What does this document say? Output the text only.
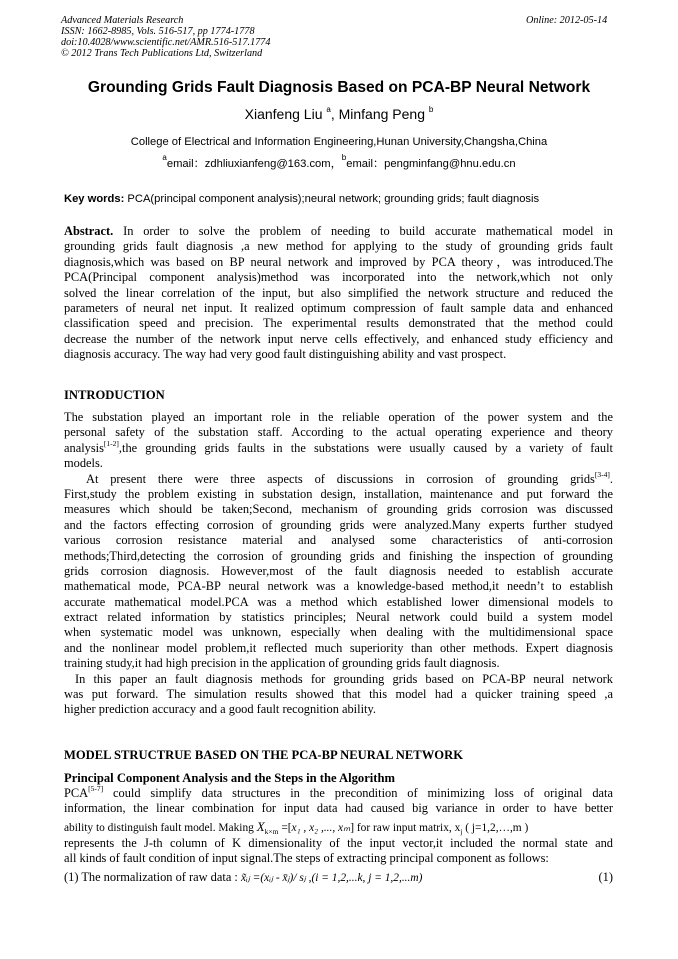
Advanced Materials Research
ISSN: 1662-8985, Vols. 516-517, pp 1774-1778
doi:10.4028/www.scientific.net/AMR.516-517.1774
© 2012 Trans Tech Publications Ltd, Switzerland
Online: 2012-05-14
Grounding Grids Fault Diagnosis Based on PCA-BP Neural Network
Xianfeng Liu $^a$, Minfang Peng $^b$
College of Electrical and Information Engineering,Hunan University,Changsha,China
$^a$email：zdhliuxianfeng@163.com，$^b$email：pengminfang@hnu.edu.cn
Key words: PCA(principal component analysis);neural network; grounding grids; fault diagnosis
Abstract. In order to solve the problem of needing to build accurate mathematical model in
grounding grids fault diagnosis ,a new method for applying to the study of grounding grids fault
diagnosis,which was based on BP neural network and improved by PCA theory，was introduced.The
PCA(Principal component analysis)method was incorporated into the network,which not only
solved the linear correlation of the input, but also simplified the network structure and reduced the
parameters of neural net input. It realized optimum compression of fault sample data and enhanced
classification speed and precision. The experimental results demonstrated that the method could
decrease the number of the network input nerve cells effectively, and enhanced study efficiency and
diagnosis accuracy. The way had very good fault distinguishing ability and vast prospect.
INTRODUCTION
The substation played an important role in the reliable operation of the power system and the
personal safety of the substation staff. According to the actual operating experience and theory
analysis[1-2],the grounding grids faults in the substations were usually caused by a variety of fault
models.
At present there were three aspects of discussions in corrosion of grounding grids[3-4].
First,study the problem existing in substation design, installation, maintenance and put forward the
measures which should be taken;Second, mechanism of grounding grids corrosion was discussed
and the factors effecting corrosion of grounding grids were analyzed.Many experts further studyed
various corrosion resistance material and analysed some characteristics of anti-corrosion
methods;Third,detecting the corrosion of grounding grids and finishing the inspection of grounding
grids corrosion diagnosis. However,most of the fault diagnosis needed to establish accurate
mathematical mode, PCA-BP neural network was a knowledge-based method,it needn’t to establish
accurate mathematical model.PCA was a method which established lower dimensional models to
extract related information by statistics principles; Neural network could build a system model
when systematic model was unknown, especially when dealing with the multidimensional space
and the nonlinear model problem,it reflected much superiority than other methods. Expert diagnosis
training study,it had high precision in the application of grounding grids fault diagnosis.
In this paper an fault diagnosis methods for grounding grids based on PCA-BP neural network
was put forward. The simulation results showed that this model had a quicker training speed ,a
higher prediction accuracy and a good fault recognition ability.
MODEL STRUCTRUE BASED ON THE PCA-BP NEURAL NETWORK
Principal Component Analysis and the Steps in the Algorithm
PCA[5-7] could simplify data structures in the precondition of minimizing loss of original data
information, the linear combination for input data had caused big variance in order to have better
ability to distinguish fault model. Making $X_{k\times m} =[x_1$ , x₂ ,..., xₘ] for raw input matrix, $x_j$ ( j=1,2,…,m )
represents the J-th column of K dimensionality of the input vector,it included the normal state and
all kinds of fault condition of input signal.The steps of extracting principal component as follows:
(1) The normalization of raw data : x̃ᵢⱼ =(xᵢⱼ - x̄ⱼ)/ sⱼ ,(i = 1,2,...k, j = 1,2,...m)	(1)
